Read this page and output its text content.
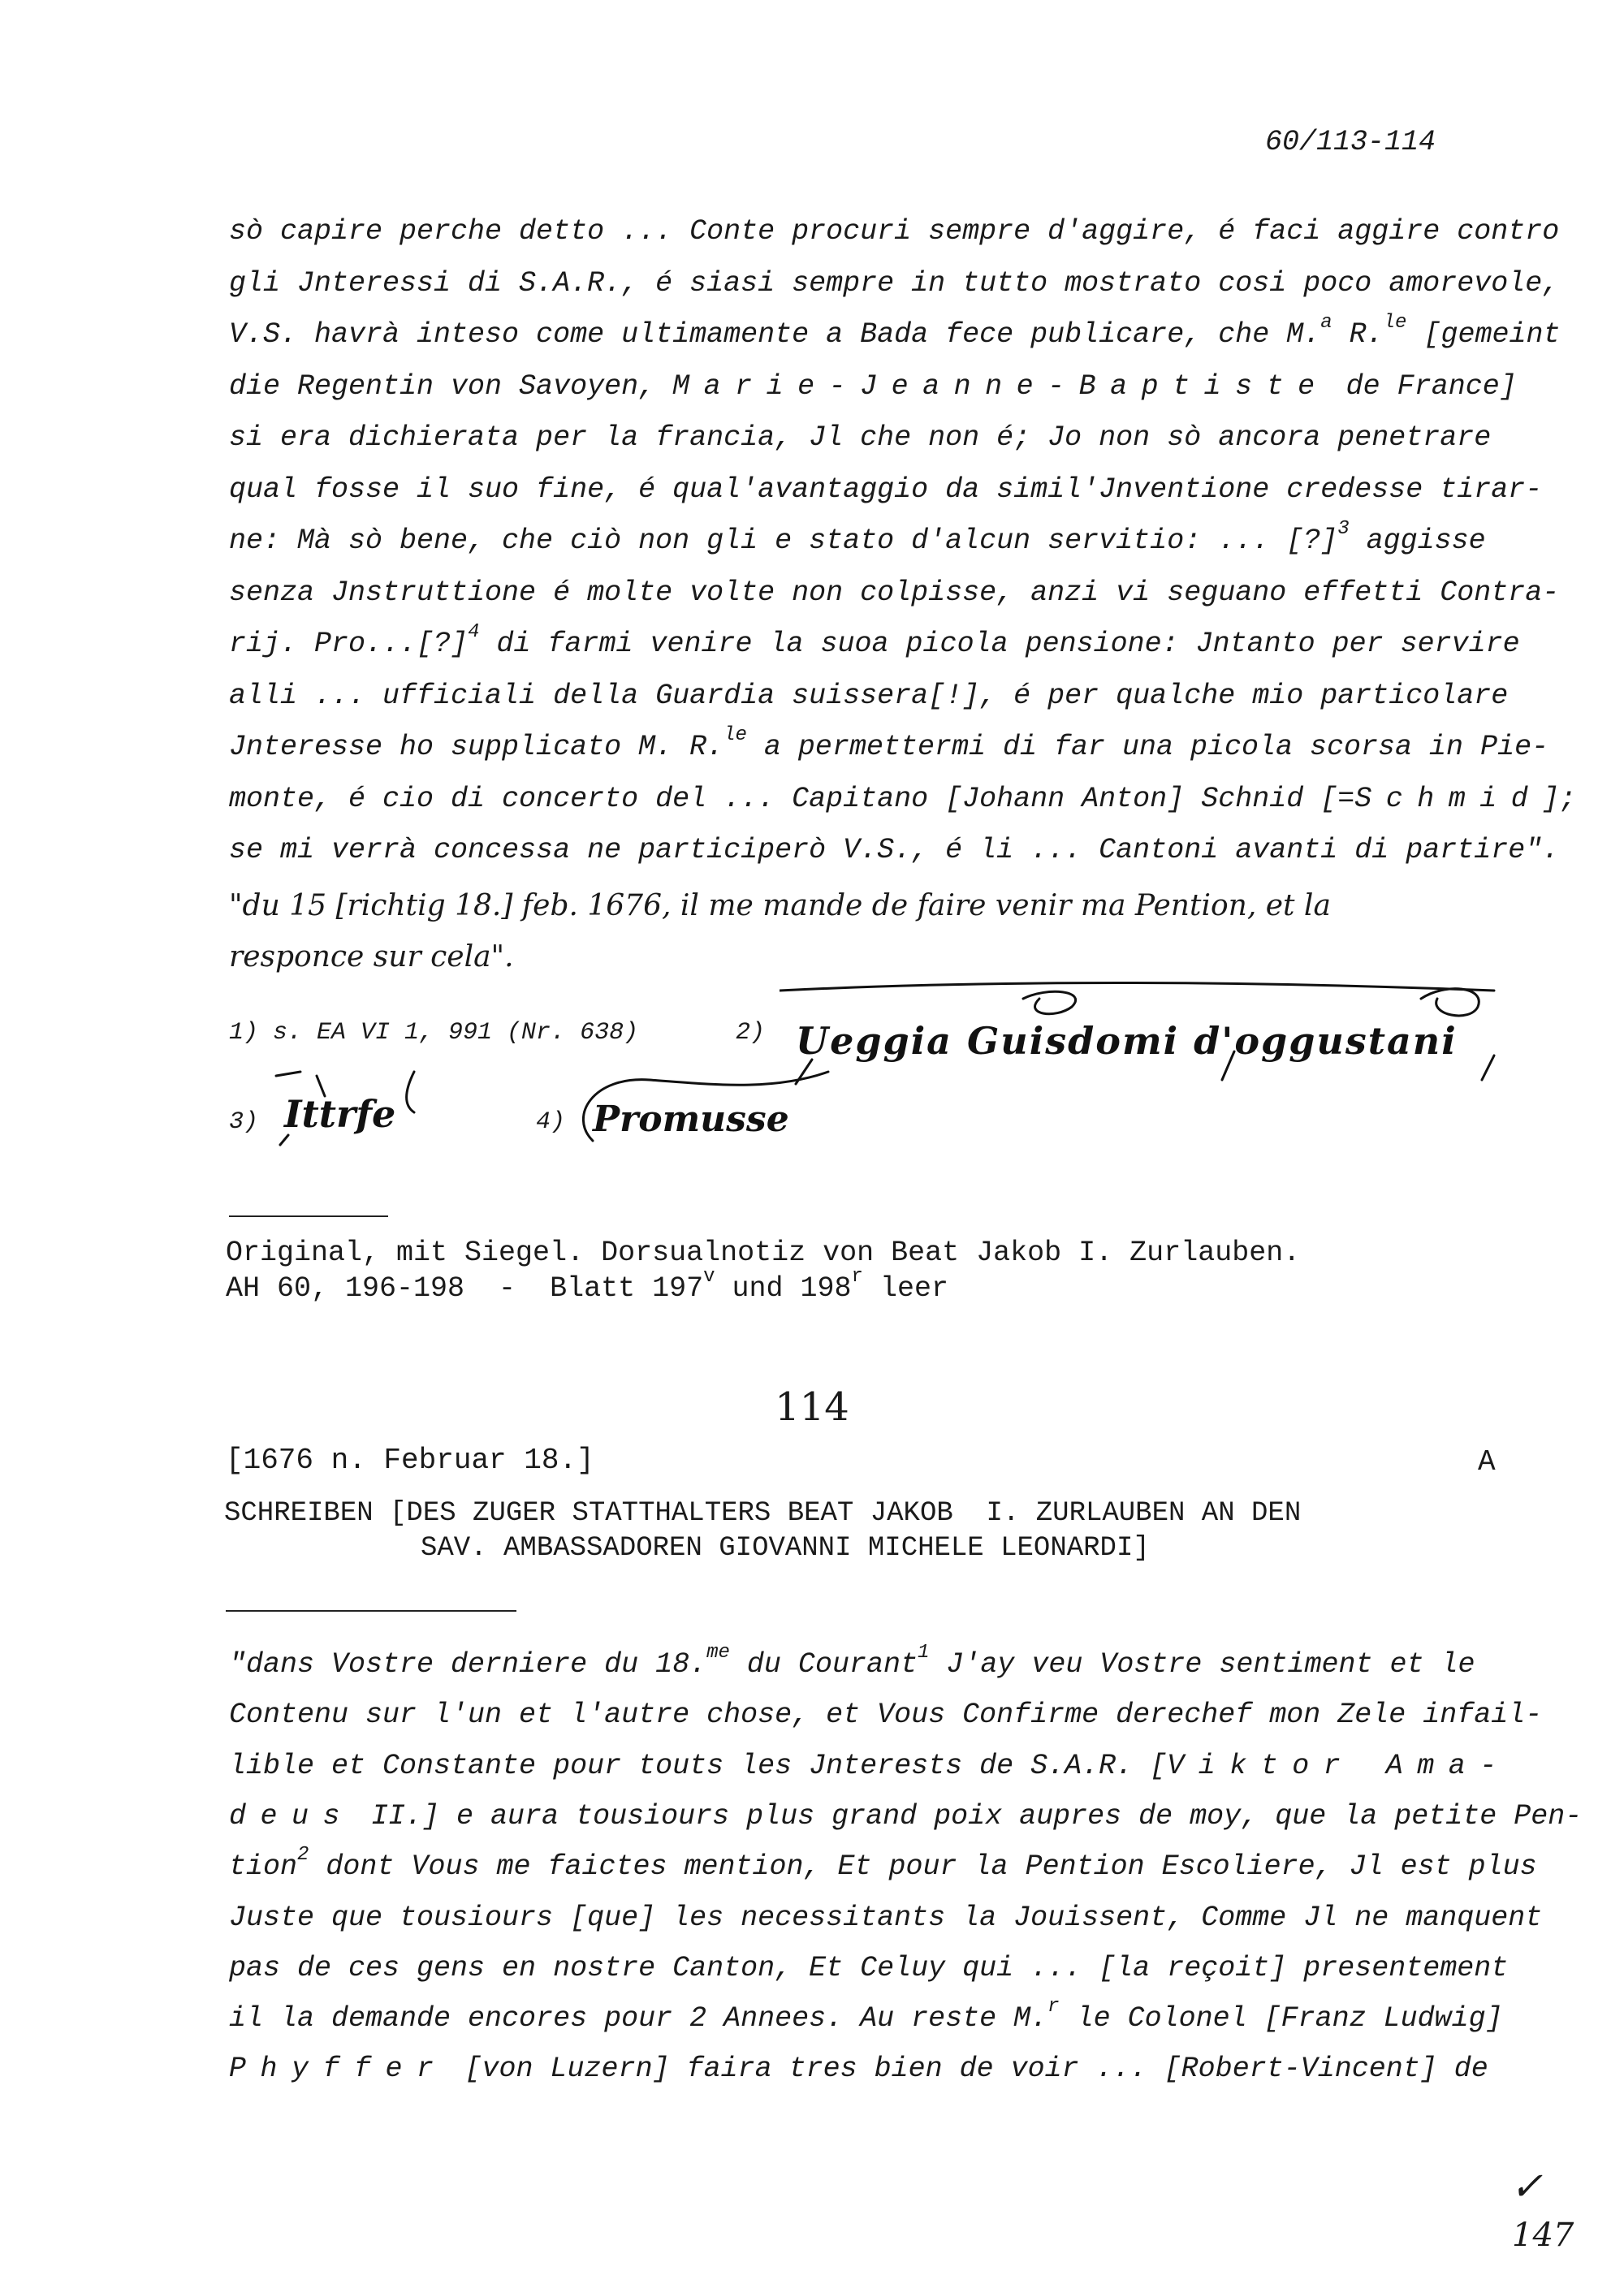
60/113-114
sò capire perche detto ... Conte procuri sempre d'aggire, é faci aggire contro
gli Jnteressi di S.A.R., é siasi sempre in tutto mostrato cosi poco amorevole,
V.S. havrà inteso come ultimamente a Bada fece publicare, che M.$^a$ R.$^{le}$ [gemeint
die Regentin von Savoyen, Marie-Jeanne-Baptiste de France]
si era dichierata per la francia, Jl che non é; Jo non sò ancora penetrare
qual fosse il suo fine, é qual'avantaggio da simil'Jnventione credesse tirar-
ne: Mà sò bene, che ciò non gli e stato d'alcun servitio: ... [?]$^3$ aggisse
senza Jnstruttione é molte volte non colpisse, anzi vi seguano effetti Contra-
rij. Pro...[?]$^4$ di farmi venire la suoa picola pensione: Jntanto per servire
alli ... ufficiali della Guardia suissera[!], é per qualche mio particolare
Jnteresse ho supplicato M. R.$^{le}$ a permettermi di far una picola scorsa in Pie-
monte, é cio di concerto del ... Capitano [Johann Anton] Schnid [=Schmid];
se mi verrà concessa ne participerò V.S., é li ... Cantoni avanti di partire".
"du 15 [richtig 18.] feb. 1676, il me mande de faire venir ma Pention, et la
responce sur cela".
1) s. EA VI 1, 991 (Nr. 638)	2)
3)	4)
Ueggia Guisdomi d'oggustani
Ittrfe	Promusse
Original, mit Siegel. Dorsualnotiz von Beat Jakob I. Zurlauben.
AH 60, 196-198  -  Blatt 197$^v$ und 198$^r$ leer
114
[1676 n. Februar 18.]	A
SCHREIBEN [DES ZUGER STATTHALTERS BEAT JAKOB  I. ZURLAUBEN AN DEN
SAV. AMBASSADOREN GIOVANNI MICHELE LEONARDI]
"dans Vostre derniere du 18.$^{me}$ du Courant$^1$ J'ay veu Vostre sentiment et le
Contenu sur l'un et l'autre chose, et Vous Confirme derechef mon Zele infail-
lible et Constante pour touts les Jnterests de S.A.R. [Viktor Ama-
deus II.] e aura tousiours plus grand poix aupres de moy, que la petite Pen-
tion$^2$ dont Vous me faictes mention, Et pour la Pention Escoliere, Jl est plus
Juste que tousiours [que] les necessitants la Jouissent, Comme Jl ne manquent
pas de ces gens en nostre Canton, Et Celuy qui ... [la reçoit] presentement
il la demande encores pour 2 Annees. Au reste M.$^r$ le Colonel [Franz Ludwig]
Phyffer [von Luzern] faira tres bien de voir ... [Robert-Vincent] de
✓
147
